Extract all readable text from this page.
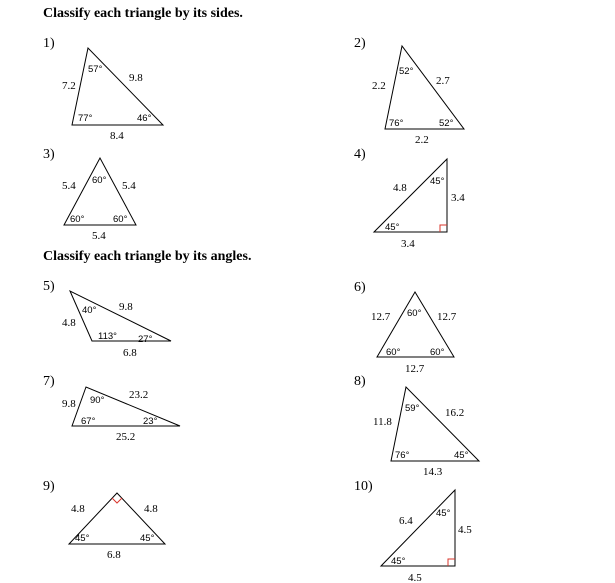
Classify each triangle by its sides.
1)
7.2
9.8
8.4
57°
77°	46°
2)
2.2	2.7
2.2
52°
76°	52°
3)
5.4	5.4
5.4
60°
60°	60°
4)
4.8
3.4
3.4
45°
45°
Classify each triangle by its angles.
5)
4.8
9.8
6.8
40°
113° 27°
6)
12.7	12.7
12.7
60°
60°	60°
7)
9.8
23.2
25.2
90°
67°	23°
8)
11.8
16.2
14.3
59°
76°	45°
9)
4.8	4.8
6.8
45°	45°
10)
6.4
4.5
4.5
45°
45°
